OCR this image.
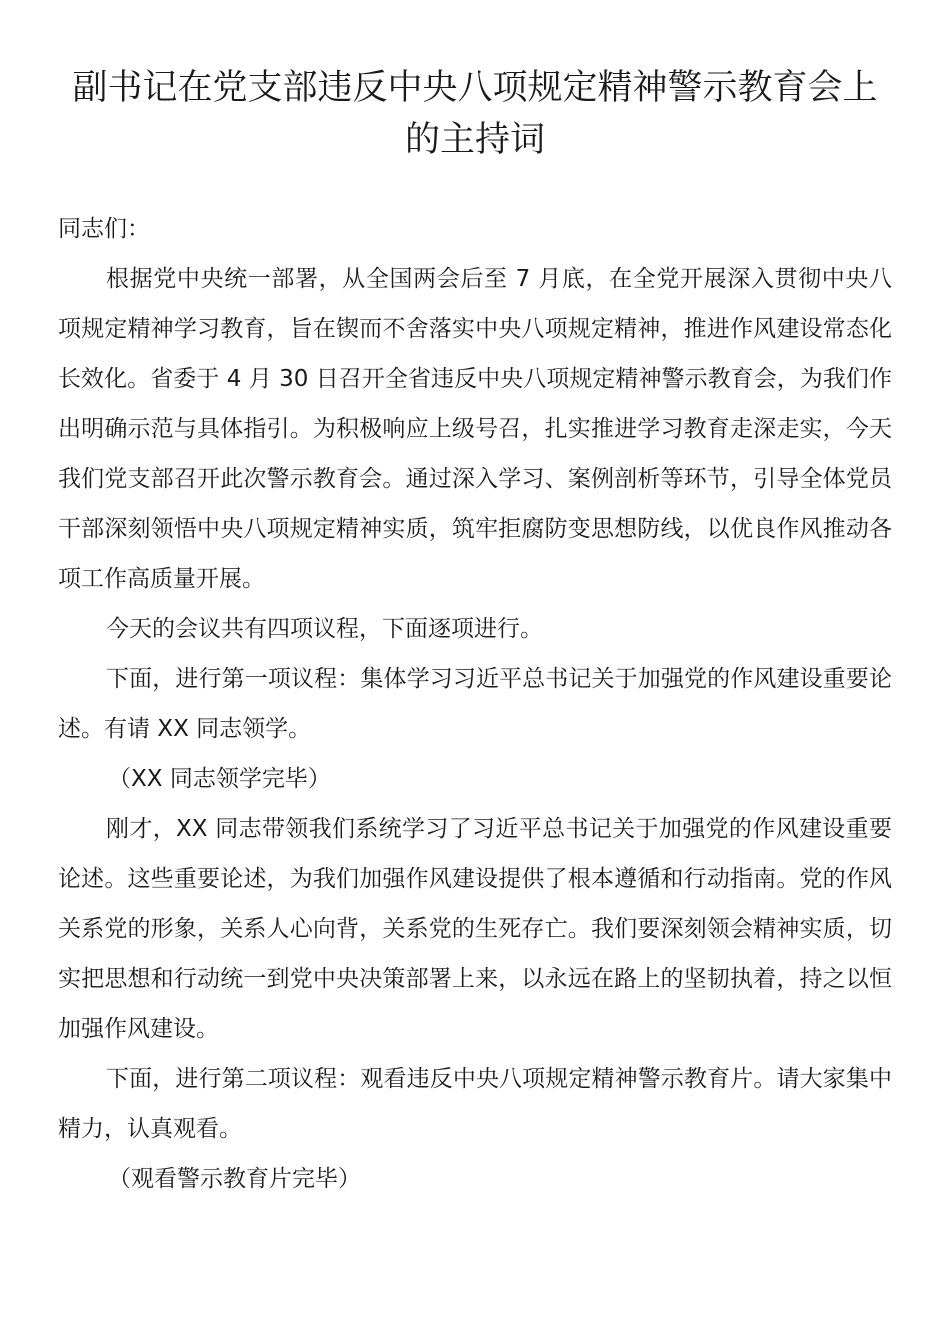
副书记在党支部违反中央八项规定精神警示教育会上
的主持词

同志们：

根据党中央统一部署，从全国两会后至 7 月底，在全党开展深入贯彻中央八项规定精神学习教育，旨在锲而不舍落实中央八项规定精神，推进作风建设常态化长效化。省委于 4 月 30 日召开全省违反中央八项规定精神警示教育会，为我们作出明确示范与具体指引。为积极响应上级号召，扎实推进学习教育走深走实，今天我们党支部召开此次警示教育会。通过深入学习、案例剖析等环节，引导全体党员干部深刻领悟中央八项规定精神实质，筑牢拒腐防变思想防线，以优良作风推动各项工作高质量开展。

今天的会议共有四项议程，下面逐项进行。

下面，进行第一项议程：集体学习习近平总书记关于加强党的作风建设重要论述。有请 XX 同志领学。

（XX 同志领学完毕）

刚才，XX 同志带领我们系统学习了习近平总书记关于加强党的作风建设重要论述。这些重要论述，为我们加强作风建设提供了根本遵循和行动指南。党的作风关系党的形象，关系人心向背，关系党的生死存亡。我们要深刻领会精神实质，切实把思想和行动统一到党中央决策部署上来，以永远在路上的坚韧执着，持之以恒加强作风建设。

下面，进行第二项议程：观看违反中央八项规定精神警示教育片。请大家集中精力，认真观看。

（观看警示教育片完毕）
